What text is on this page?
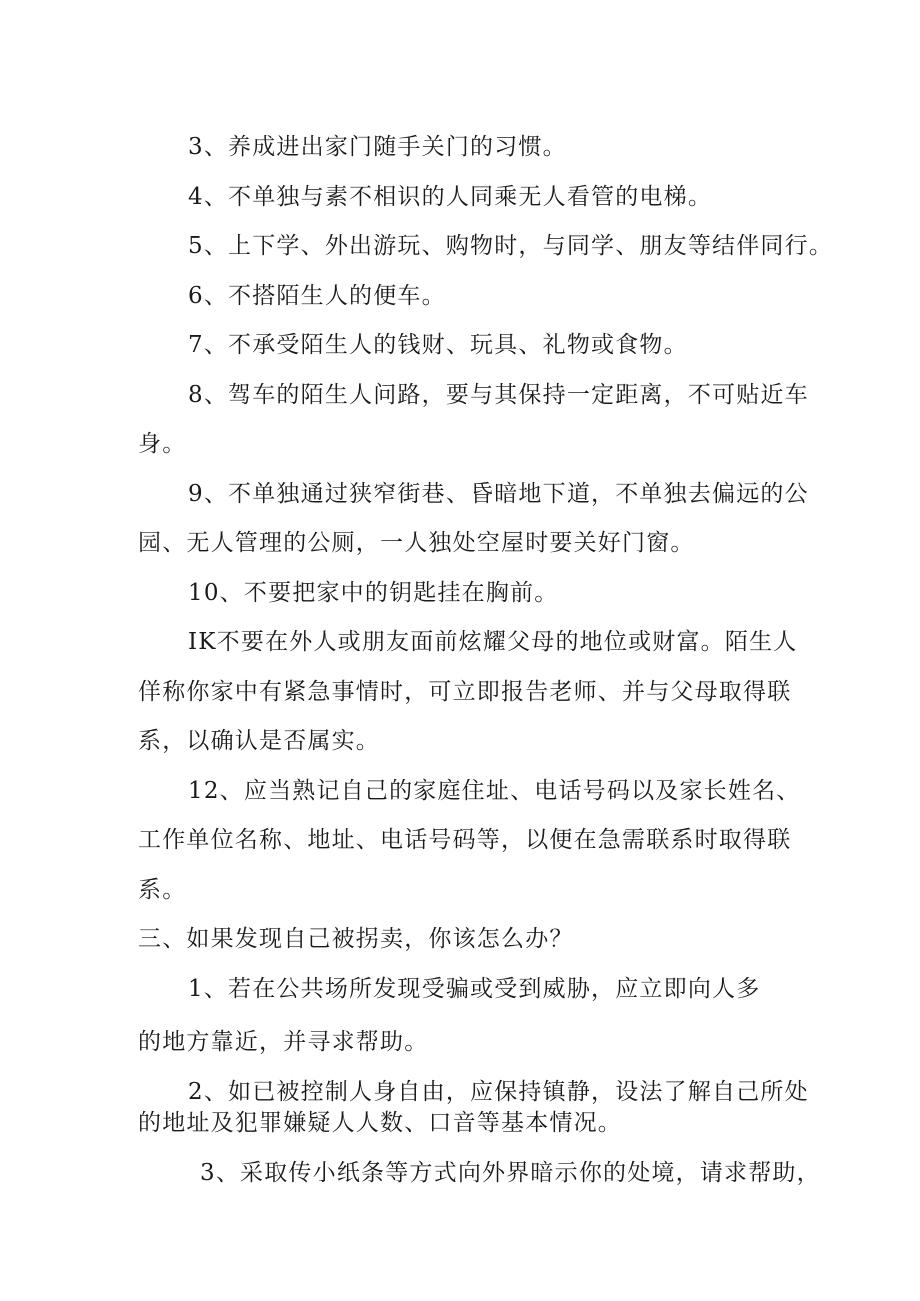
3、养成进出家门随手关门的习惯。
4、不单独与素不相识的人同乘无人看管的电梯。
5、上下学、外出游玩、购物时，与同学、朋友等结伴同行。
6、不搭陌生人的便车。
7、不承受陌生人的钱财、玩具、礼物或食物。
8、驾车的陌生人问路，要与其保持一定距离，不可贴近车
身。
9、不单独通过狭窄街巷、昏暗地下道，不单独去偏远的公
园、无人管理的公厕，一人独处空屋时要关好门窗。
10、不要把家中的钥匙挂在胸前。
IK不要在外人或朋友面前炫耀父母的地位或财富。陌生人
佯称你家中有紧急事情时，可立即报告老师、并与父母取得联
系，以确认是否属实。
12、应当熟记自己的家庭住址、电话号码以及家长姓名、
工作单位名称、地址、电话号码等，以便在急需联系时取得联
系。
三、如果发现自己被拐卖，你该怎么办？
1、若在公共场所发现受骗或受到威胁，应立即向人多
的地方靠近，并寻求帮助。
2、如已被控制人身自由，应保持镇静，设法了解自己所处
的地址及犯罪嫌疑人人数、口音等基本情况。
3、采取传小纸条等方式向外界暗示你的处境，请求帮助，
